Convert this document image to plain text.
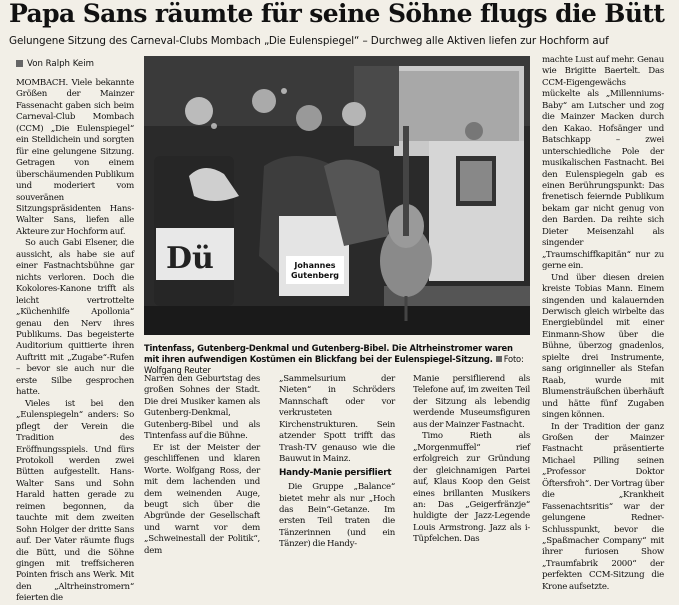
Papa Sans räumte für seine Söhne flugs die Bütt
Gelungene Sitzung des Carneval-Clubs Mombach „Die Eulenspiegel“ – Durchweg alle Aktiven liefen zur Hochform auf
Von Ralph Keim

MOMBACH. Viele bekannte Größen der Mainzer Fassenacht gaben sich beim Carneval-Club Mombach (CCM) „Die Eulenspiegel“ ein Stelldichein und sorgten für eine gelungene Sitzung. Getragen von einem überschäumenden Publikum und moderiert vom souveränen Sitzungspräsidenten Hans-Walter Sans, liefen alle Akteure zur Hochform auf.

So auch Gabi Elsener, die aussicht, als habe sie auf einer Fastnachtsbühne gar nichts verloren. Doch die Kokolores-Kanone trifft als leicht vertrottelte „Küchenhilfe Apollonia“ genau den Nerv ihres Publikums. Das begeisterte Auditorium quittierte ihren Auftritt mit „Zugabe“-Rufen – bevor sie auch nur die erste Silbe gesprochen hatte.

Vieles ist bei den „Eulenspiegeln“ anders: So pflegt der Verein die Tradition des Eröffnungsspiels. Und fürs Protokoll werden zwei Bütten aufgestellt. Hans-Walter Sans und Sohn Harald hatten gerade zu reimen begonnen, da tauchte mit dem zweiten Sohn Holger der dritte Sans auf. Der Vater räumte flugs die Bütt, und die Söhne gingen mit treffsicheren Pointen frisch ans Werk. Mit den „Altrheinstromern“ feierten die

Dü	Johannes
Gutenberg
Tintenfass, Gutenberg-Denkmal und Gutenberg-Bibel. Die Altrheinstromer waren mit ihren aufwendigen Kostümen ein Blickfang bei der Eulenspiegel-Sitzung. Foto: Wolfgang Reuter

Narren den Geburtstag des großen Sohnes der Stadt. Die drei Musiker kamen als Gutenberg-Denkmal, Gutenberg-Bibel und als Tintenfass auf die Bühne.

Er ist der Meister der geschliffenen und klaren Worte. Wolfgang Ross, der mit dem lachenden und dem weinenden Auge, beugt sich über die Abgründe der Gesellschaft und warnt vor dem „Schweinestall der Politik“, dem

„Sammelsurium der Nieten“ in Schröders Mannschaft oder vor verkrusteten Kirchenstrukturen. Sein atzender Spott trifft das Trash-TV genauso wie die Bauwut in Mainz.

Handy-Manie persifliert

Die Gruppe „Balance“ bietet mehr als nur „Hoch das Bein“-Getanze. Im ersten Teil traten die Tänzerinnen (und ein Tänzer) die Handy-

Manie persiflierend als Telefone auf, im zweiten Teil der Sitzung als lebendig werdende Museumsfiguren aus der Mainzer Fastnacht.

Timo Rieth als „Morgenmuffel“ rief erfolgreich zur Gründung der gleichnamigen Partei auf, Klaus Koop den Geist eines brillanten Musikers an: Das „Geigerfränzje“ huldigte der Jazz-Legende Louis Armstrong. Jazz als i-Tüpfelchen. Das

machte Lust auf mehr. Genau wie Brigitte Baertelt. Das CCM-Eigengewächs mückelte als „Millenniums-Baby“ am Lutscher und zog die Mainzer Macken durch den Kakao. Hofsänger und Batschkapp – zwei unterschiedliche Pole der musikalischen Fastnacht. Bei den Eulenspiegeln gab es einen Berührungspunkt: Das frenetisch feiernde Publikum bekam gar nicht genug von den Barden. Da reihte sich Dieter Meisenzahl als singender „Traumschiffkapitän“ nur zu gerne ein.

Und über diesen dreien kreiste Tobias Mann. Einem singenden und kalauernden Derwisch gleich wirbelte das Energiebündel mit einer Einmann-Show über die Bühne, überzog gnadenlos, spielte drei Instrumente, sang originneller als Stefan Raab, wurde mit Blumensträußchen überhäuft und hätte fünf Zugaben singen können.

In der Tradition der ganz Großen der Mainzer Fastnacht präsentierte Michael Pilling seinen „Professor Doktor Öftersfroh“. Der Vortrag über die „Krankheit Fassenachtsritis“ war der gelungene Redner-Schlusspunkt, bevor die „Spaßmacher Company“ mit ihrer furiosen Show „Traumfabrik 2000“ der perfekten CCM-Sitzung die Krone aufsetzte.
